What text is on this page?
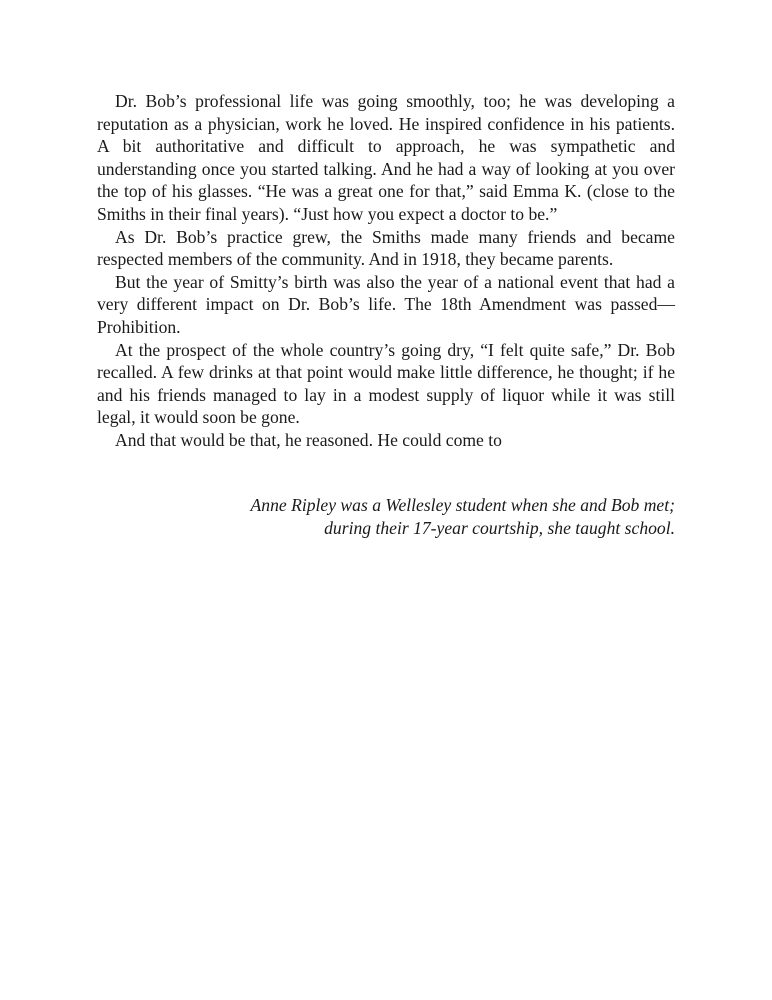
Dr. Bob’s professional life was going smoothly, too; he was developing a reputation as a physician, work he loved. He inspired confidence in his patients. A bit authoritative and difficult to approach, he was sympathetic and understanding once you started talking. And he had a way of looking at you over the top of his glasses. “He was a great one for that,” said Emma K. (close to the Smiths in their final years). “Just how you expect a doctor to be.”

As Dr. Bob’s practice grew, the Smiths made many friends and became respected members of the community. And in 1918, they became parents.

But the year of Smitty’s birth was also the year of a national event that had a very different impact on Dr. Bob’s life. The 18th Amendment was passed—Prohibition.

At the prospect of the whole country’s going dry, “I felt quite safe,” Dr. Bob recalled. A few drinks at that point would make little difference, he thought; if he and his friends managed to lay in a modest supply of liquor while it was still legal, it would soon be gone.

And that would be that, he reasoned. He could come to

Anne Ripley was a Wellesley student when she and Bob met;
during their 17-year courtship, she taught school.
